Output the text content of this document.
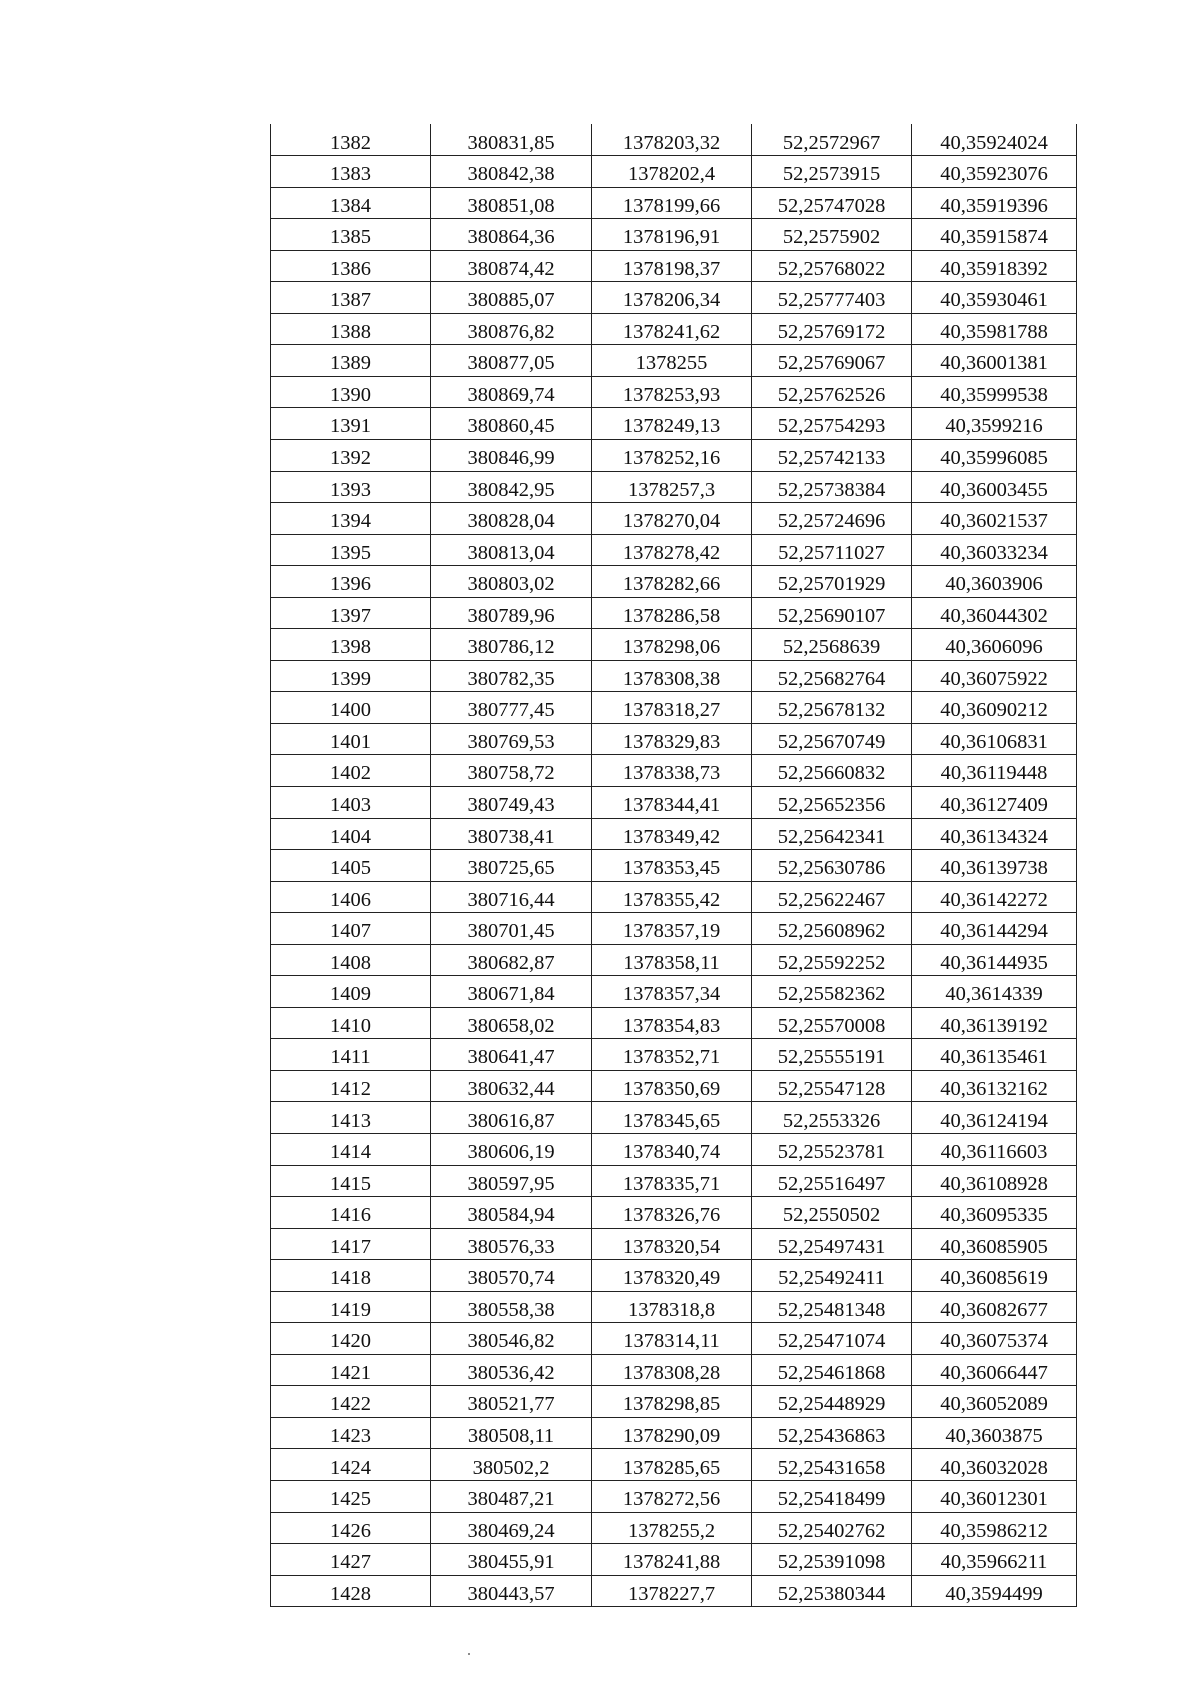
1382	380831,85	1378203,32	52,2572967	40,35924024
1383	380842,38	1378202,4	52,2573915	40,35923076
1384	380851,08	1378199,66	52,25747028	40,35919396
1385	380864,36	1378196,91	52,2575902	40,35915874
1386	380874,42	1378198,37	52,25768022	40,35918392
1387	380885,07	1378206,34	52,25777403	40,35930461
1388	380876,82	1378241,62	52,25769172	40,35981788
1389	380877,05	1378255	52,25769067	40,36001381
1390	380869,74	1378253,93	52,25762526	40,35999538
1391	380860,45	1378249,13	52,25754293	40,3599216
1392	380846,99	1378252,16	52,25742133	40,35996085
1393	380842,95	1378257,3	52,25738384	40,36003455
1394	380828,04	1378270,04	52,25724696	40,36021537
1395	380813,04	1378278,42	52,25711027	40,36033234
1396	380803,02	1378282,66	52,25701929	40,3603906
1397	380789,96	1378286,58	52,25690107	40,36044302
1398	380786,12	1378298,06	52,2568639	40,3606096
1399	380782,35	1378308,38	52,25682764	40,36075922
1400	380777,45	1378318,27	52,25678132	40,36090212
1401	380769,53	1378329,83	52,25670749	40,36106831
1402	380758,72	1378338,73	52,25660832	40,36119448
1403	380749,43	1378344,41	52,25652356	40,36127409
1404	380738,41	1378349,42	52,25642341	40,36134324
1405	380725,65	1378353,45	52,25630786	40,36139738
1406	380716,44	1378355,42	52,25622467	40,36142272
1407	380701,45	1378357,19	52,25608962	40,36144294
1408	380682,87	1378358,11	52,25592252	40,36144935
1409	380671,84	1378357,34	52,25582362	40,3614339
1410	380658,02	1378354,83	52,25570008	40,36139192
1411	380641,47	1378352,71	52,25555191	40,36135461
1412	380632,44	1378350,69	52,25547128	40,36132162
1413	380616,87	1378345,65	52,2553326	40,36124194
1414	380606,19	1378340,74	52,25523781	40,36116603
1415	380597,95	1378335,71	52,25516497	40,36108928
1416	380584,94	1378326,76	52,2550502	40,36095335
1417	380576,33	1378320,54	52,25497431	40,36085905
1418	380570,74	1378320,49	52,25492411	40,36085619
1419	380558,38	1378318,8	52,25481348	40,36082677
1420	380546,82	1378314,11	52,25471074	40,36075374
1421	380536,42	1378308,28	52,25461868	40,36066447
1422	380521,77	1378298,85	52,25448929	40,36052089
1423	380508,11	1378290,09	52,25436863	40,3603875
1424	380502,2	1378285,65	52,25431658	40,36032028
1425	380487,21	1378272,56	52,25418499	40,36012301
1426	380469,24	1378255,2	52,25402762	40,35986212
1427	380455,91	1378241,88	52,25391098	40,35966211
1428	380443,57	1378227,7	52,25380344	40,3594499
